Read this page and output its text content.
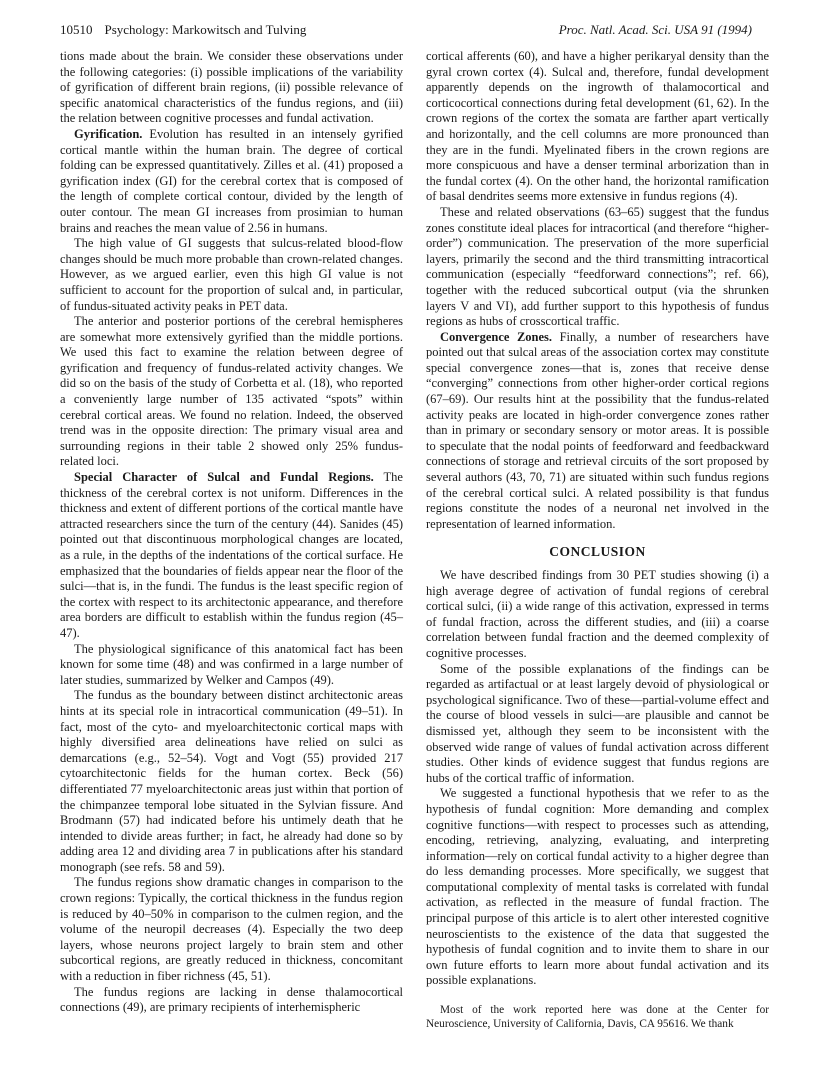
10510 Psychology: Markowitsch and Tulving	Proc. Natl. Acad. Sci. USA 91 (1994)

tions made about the brain. We consider these observations under the following categories: (i) possible implications of the variability of gyrification of different brain regions, (ii) possible relevance of specific anatomical characteristics of the fundus regions, and (iii) the relation between cognitive processes and fundal activation.

Gyrification. Evolution has resulted in an intensely gyrified cortical mantle within the human brain. The degree of cortical folding can be expressed quantitatively. Zilles et al. (41) proposed a gyrification index (GI) for the cerebral cortex that is composed of the length of complete cortical contour, divided by the length of outer contour. The mean GI increases from prosimian to human brains and reaches the mean value of 2.56 in humans.

The high value of GI suggests that sulcus-related blood-flow changes should be much more probable than crown-related changes. However, as we argued earlier, even this high GI value is not sufficient to account for the proportion of sulcal and, in particular, of fundus-situated activity peaks in PET data.

The anterior and posterior portions of the cerebral hemispheres are somewhat more extensively gyrified than the middle portions. We used this fact to examine the relation between degree of gyrification and frequency of fundus-related activity changes. We did so on the basis of the study of Corbetta et al. (18), who reported a conveniently large number of 135 activated “spots” within cerebral cortical areas. We found no relation. Indeed, the observed trend was in the opposite direction: The primary visual area and surrounding regions in their table 2 showed only 25% fundus-related loci.

Special Character of Sulcal and Fundal Regions. The thickness of the cerebral cortex is not uniform. Differences in the thickness and extent of different portions of the cortical mantle have attracted researchers since the turn of the century (44). Sanides (45) pointed out that discontinuous morphological changes are located, as a rule, in the depths of the indentations of the cortical surface. He emphasized that the boundaries of fields appear near the floor of the sulci—that is, in the fundi. The fundus is the least specific region of the cortex with respect to its architectonic appearance, and therefore area borders are difficult to establish within the fundus region (45–47).

The physiological significance of this anatomical fact has been known for some time (48) and was confirmed in a large number of later studies, summarized by Welker and Campos (49).

The fundus as the boundary between distinct architectonic areas hints at its special role in intracortical communication (49–51). In fact, most of the cyto- and myeloarchitectonic cortical maps with highly diversified area delineations have relied on sulci as demarcations (e.g., 52–54). Vogt and Vogt (55) provided 217 cytoarchitectonic fields for the human cortex. Beck (56) differentiated 77 myeloarchitectonic areas just within that portion of the chimpanzee temporal lobe situated in the Sylvian fissure. And Brodmann (57) had indicated before his untimely death that he intended to divide areas further; in fact, he already had done so by adding area 12 and dividing area 7 in publications after his standard monograph (see refs. 58 and 59).

The fundus regions show dramatic changes in comparison to the crown regions: Typically, the cortical thickness in the fundus region is reduced by 40–50% in comparison to the culmen region, and the volume of the neuropil decreases (4). Especially the two deep layers, whose neurons project largely to brain stem and other subcortical regions, are greatly reduced in thickness, concomitant with a reduction in fiber richness (45, 51).

The fundus regions are lacking in dense thalamocortical connections (49), are primary recipients of interhemispheric

cortical afferents (60), and have a higher perikaryal density than the gyral crown cortex (4). Sulcal and, therefore, fundal development apparently depends on the ingrowth of thalamocortical and corticocortical connections during fetal development (61, 62). In the crown regions of the cortex the somata are farther apart vertically and horizontally, and the cell columns are more pronounced than they are in the fundi. Myelinated fibers in the crown regions are more conspicuous and have a denser terminal arborization than in the fundal cortex (4). On the other hand, the horizontal ramification of basal dendrites seems more extensive in fundus regions (4).

These and related observations (63–65) suggest that the fundus zones constitute ideal places for intracortical (and therefore “higher-order”) communication. The preservation of the more superficial layers, primarily the second and the third transmitting intracortical communication (especially “feedforward connections”; ref. 66), together with the reduced subcortical output (via the shrunken layers V and VI), add further support to this hypothesis of fundus regions as hubs of crosscortical traffic.

Convergence Zones. Finally, a number of researchers have pointed out that sulcal areas of the association cortex may constitute special convergence zones—that is, zones that receive dense “converging” connections from other higher-order cortical regions (67–69). Our results hint at the possibility that the fundus-related activity peaks are located in high-order convergence zones rather than in primary or secondary sensory or motor areas. It is possible to speculate that the nodal points of feedforward and feedbackward connections of storage and retrieval circuits of the sort proposed by several authors (43, 70, 71) are situated within such fundus regions of the cerebral cortical sulci. A related possibility is that fundus regions constitute the nodes of a neuronal net involved in the representation of learned information.

CONCLUSION

We have described findings from 30 PET studies showing (i) a high average degree of activation of fundal regions of cerebral cortical sulci, (ii) a wide range of this activation, expressed in terms of fundal fraction, across the different studies, and (iii) a coarse correlation between fundal fraction and the deemed complexity of cognitive processes.

Some of the possible explanations of the findings can be regarded as artifactual or at least largely devoid of physiological or psychological significance. Two of these—partial-volume effect and the course of blood vessels in sulci—are plausible and cannot be dismissed yet, although they seem to be inconsistent with the observed wide range of values of fundal activation across different studies. Other kinds of evidence suggest that fundus regions are hubs of the cortical traffic of information.

We suggested a functional hypothesis that we refer to as the hypothesis of fundal cognition: More demanding and complex cognitive functions—with respect to processes such as attending, encoding, retrieving, analyzing, evaluating, and interpreting information—rely on cortical fundal activity to a higher degree than do less demanding processes. More specifically, we suggest that computational complexity of mental tasks is correlated with fundal activation, as reflected in the measure of fundal fraction. The principal purpose of this article is to alert other interested cognitive neuroscientists to the existence of the data that suggested the hypothesis of fundal cognition and to invite them to share in our own future efforts to learn more about fundal activation and its possible explanations.

Most of the work reported here was done at the Center for Neuroscience, University of California, Davis, CA 95616. We thank
